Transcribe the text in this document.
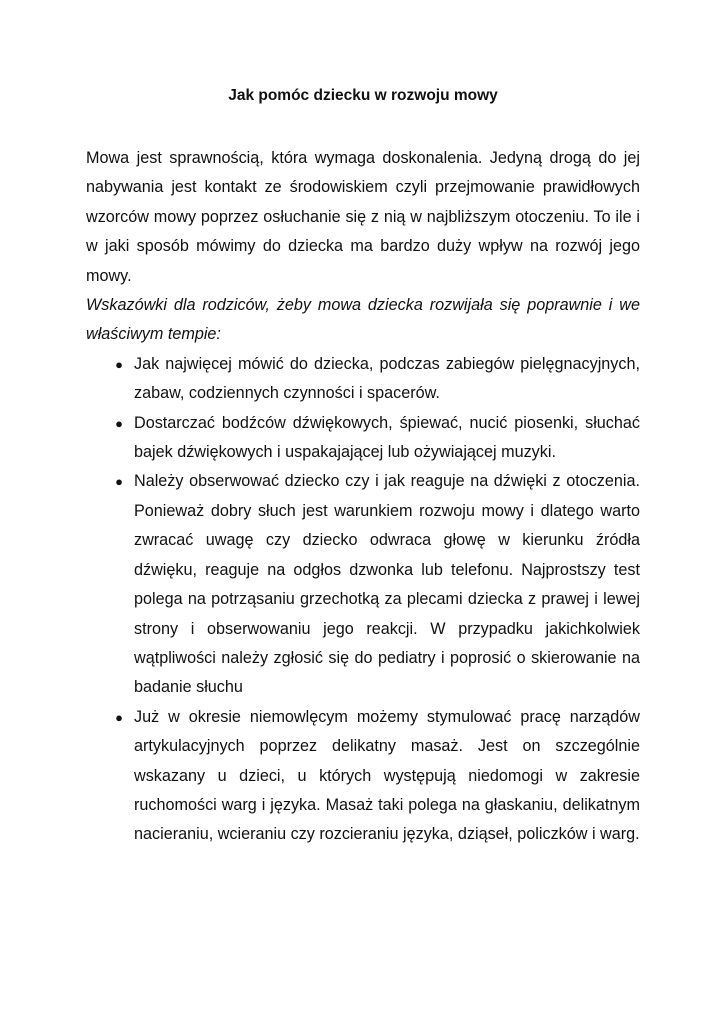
Jak pomóc dziecku w rozwoju mowy

Mowa jest sprawnością, która wymaga doskonalenia. Jedyną drogą do jej nabywania jest kontakt ze środowiskiem czyli przejmowanie prawidłowych wzorców mowy poprzez osłuchanie się z nią w najbliższym otoczeniu. To ile i w jaki sposób mówimy do dziecka ma bardzo duży wpływ na rozwój jego mowy.

Wskazówki dla rodziców, żeby mowa dziecka rozwijała się poprawnie i we właściwym tempie:

● Jak najwięcej mówić do dziecka, podczas zabiegów pielęgnacyjnych, zabaw, codziennych czynności i spacerów.
● Dostarczać bodźców dźwiękowych, śpiewać, nucić piosenki, słuchać bajek dźwiękowych i uspakajającej lub ożywiającej muzyki.
● Należy obserwować dziecko czy i jak reaguje na dźwięki z otoczenia. Ponieważ dobry słuch jest warunkiem rozwoju mowy i dlatego warto zwracać uwagę czy dziecko odwraca głowę w kierunku źródła dźwięku, reaguje na odgłos dzwonka lub telefonu. Najprostszy test polega na potrząsaniu grzechotką za plecami dziecka z prawej i lewej strony i obserwowaniu jego reakcji. W przypadku jakichkolwiek wątpliwości należy zgłosić się do pediatry i poprosić o skierowanie na badanie słuchu
● Już w okresie niemowlęcym możemy stymulować pracę narządów artykulacyjnych poprzez delikatny masaż. Jest on szczególnie wskazany u dzieci, u których występują niedomogi w zakresie ruchomości warg i języka. Masaż taki polega na głaskaniu, delikatnym nacieraniu, wcieraniu czy rozcieraniu języka, dziąseł, policzków i warg.
